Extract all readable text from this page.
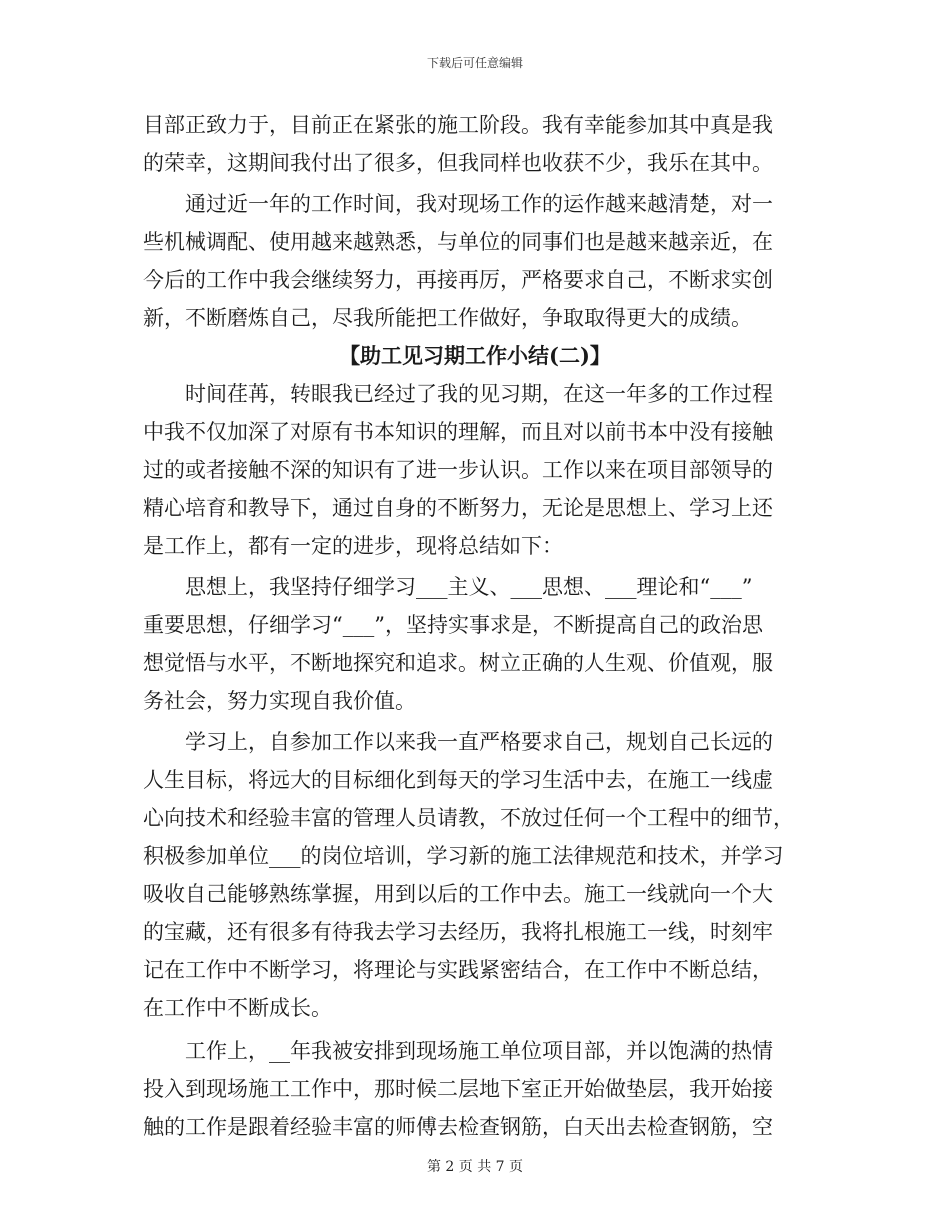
下载后可任意编辑
目部正致力于，目前正在紧张的施工阶段。我有幸能参加其中真是我
的荣幸，这期间我付出了很多，但我同样也收获不少，我乐在其中。
通过近一年的工作时间，我对现场工作的运作越来越清楚，对一
些机械调配、使用越来越熟悉，与单位的同事们也是越来越亲近，在
今后的工作中我会继续努力，再接再厉，严格要求自己，不断求实创
新，不断磨炼自己，尽我所能把工作做好，争取取得更大的成绩。
【助工见习期工作小结(二)】
时间荏苒，转眼我已经过了我的见习期，在这一年多的工作过程
中我不仅加深了对原有书本知识的理解，而且对以前书本中没有接触
过的或者接触不深的知识有了进一步认识。工作以来在项目部领导的
精心培育和教导下，通过自身的不断努力，无论是思想上、学习上还
是工作上，都有一定的进步，现将总结如下：
思想上，我坚持仔细学习___主义、___思想、___理论和“___”
重要思想，仔细学习“___”，坚持实事求是，不断提高自己的政治思
想觉悟与水平，不断地探究和追求。树立正确的人生观、价值观，服
务社会，努力实现自我价值。
学习上，自参加工作以来我一直严格要求自己，规划自己长远的
人生目标，将远大的目标细化到每天的学习生活中去，在施工一线虚
心向技术和经验丰富的管理人员请教，不放过任何一个工程中的细节，
积极参加单位___的岗位培训，学习新的施工法律规范和技术，并学习
吸收自己能够熟练掌握，用到以后的工作中去。施工一线就向一个大
的宝藏，还有很多有待我去学习去经历，我将扎根施工一线，时刻牢
记在工作中不断学习，将理论与实践紧密结合，在工作中不断总结，
在工作中不断成长。
工作上，__年我被安排到现场施工单位项目部，并以饱满的热情
投入到现场施工工作中，那时候二层地下室正开始做垫层，我开始接
触的工作是跟着经验丰富的师傅去检查钢筋，白天出去检查钢筋，空
第 2 页 共 7 页
